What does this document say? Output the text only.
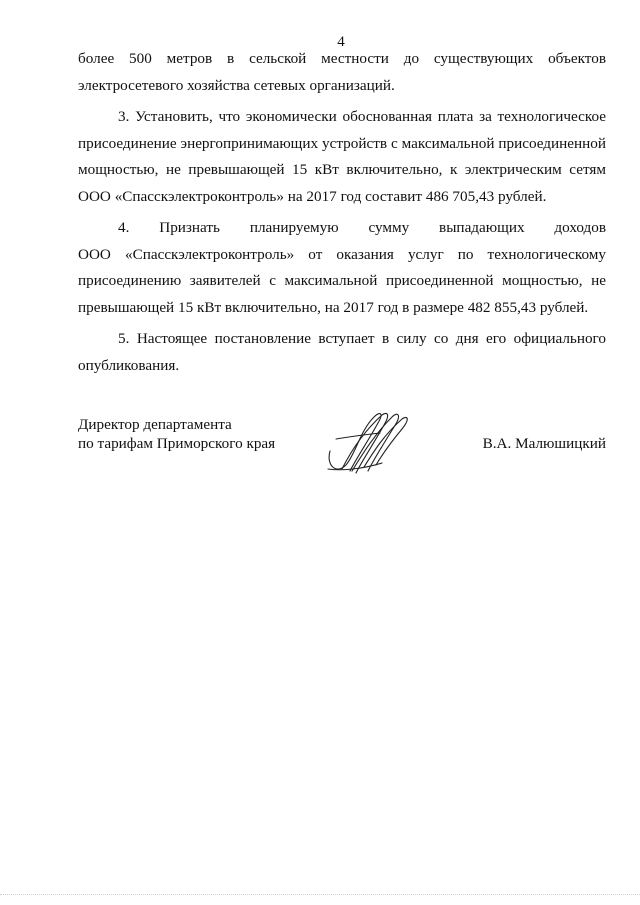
4
более 500 метров в сельской местности до существующих объектов
электросетевого хозяйства сетевых организаций.
3. Установить, что экономически обоснованная плата за технологическое
присоединение энергопринимающих устройств с максимальной присоединенной
мощностью, не превышающей 15 кВт включительно, к электрическим сетям
ООО «Спасскэлектроконтроль» на 2017 год составит 486 705,43 рублей.
4. Признать планируемую сумму выпадающих доходов
ООО «Спасскэлектроконтроль» от оказания услуг по технологическому
присоединению заявителей с максимальной присоединенной мощностью, не
превышающей 15 кВт включительно, на 2017 год в размере 482 855,43 рублей.
5. Настоящее постановление вступает в силу со дня его официального
опубликования.
Директор департамента
по тарифам Приморского края	В.А. Малюшицкий
